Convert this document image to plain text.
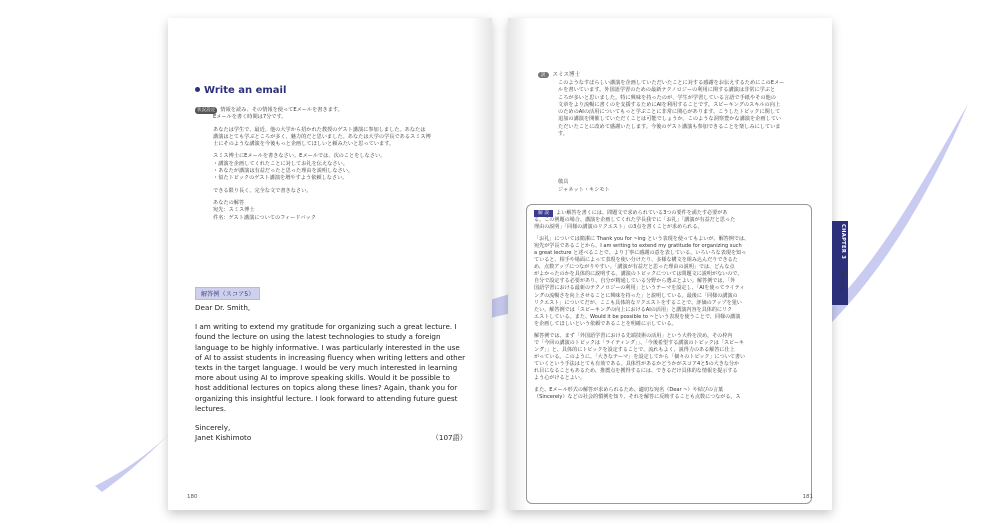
Write an email

状況設定 情報を読み、その情報を使ってEメールを書きます。

Eメールを書く時間は7分です。

あなたは学生で、最近、他の大学から招かれた教授のゲスト講演に参加しました。あなたは

講演はとても学ぶところが多く、魅力的だと思いました。あなたは大学の学長であるスミス博

士にそのような講演を今後もっと企画してほしいと頼みたいと思っています。

スミス博士にEメールを書きなさい。Eメールでは、次のことをしなさい。

・講演を企画してくれたことに対してお礼を伝えなさい。

・あなたが講演は有益だったと思った理由を説明しなさい。

・似たトピックのゲスト講演を増やすよう依頼しなさい。

できる限り長く、完全な文で書きなさい。

あなたの解答

宛先：スミス博士

件名：ゲスト講演についてのフィードバック

解答例（スコア5）

Dear Dr. Smith,

I am writing to extend my gratitude for organizing such a great lecture. I found the lecture on using the latest technologies to study a foreign language to be highly informative. I was particularly interested in the use of AI to assist students in increasing fluency when writing letters and other texts in the target language. I would be very much interested in learning more about using AI to improve speaking skills. Would it be possible to host additional lectures on topics along these lines? Again, thank you for organizing this insightful lecture. I look forward to attending future guest lectures.

Sincerely,

Janet Kishimoto	（107語）
180
訳 スミス博士

このようなすばらしい講演を企画していただいたことに対する感謝をお伝えするためにこのEメー

ルを書いています。外国語学習のための最新テクノロジーの利用に関する講演は非常に学ぶと

ころが多いと思いました。特に興味を持ったのが、学生が学習している言語で手紙やその他の

文章をより流暢に書くのを支援するためにAIを利用することです。スピーキングのスキルの向上

のためのAIの活用についてもっと学ぶことに非常に関心があります。こうしたトピックに関して

追加の講演を開催していただくことは可能でしょうか。このような洞察豊かな講演を企画してい

ただいたことに改めて感謝いたします。今後のゲスト講演も参加できることを楽しみにしていま

す。

敬具

ジャネット・キシモト

解 説 よい解答を書くには、問題文で求められている3つの要件を満たす必要があ

る。この例題の場合、講演を企画してくれた学長我でに「お礼」「講演が有益だと思った

理由の説明」「同様の講演のリクエスト」の3点を書くことが求められる。

「お礼」については簡潔に Thank you for ~ing という表現を使ってもよいが、解答例では、

宛先が学長であることから、I am writing to extend my gratitude for organizing such

a great lecture と述べることで、より丁寧に感謝の意を表している。いろいろな表現を知っ

ていると、相手や場面によって表現を使い分けたり、多様な構文を組み込んだりできるた

め、点数アップにつながりやすい。「講演が有益だと思った理由の説明」では、どんな点

がよかったのかを具体的に説明する。講演のトピックについては問題文に説明がないので、

自分で設定する必要があり、自分が精通している分野から選ぶとよい。解答例では、「外

国語学習における最新のテクノロジーの利用」というテーマを設定し、「AIを使ってライティ

ングの流暢さを向上させることに興味を持った」と説明している。最後に「同様の講演の

リクエスト」についてだが、ここも具体的なリクエストをすることで、評価のアップを狙い

たい。解答例では「スピーキングの向上におけるAIの活用」と講演内容を具体的にリク

エストしている。また、Would it be possible to ~という表現を使うことで、同様の講演

を企画してほしいという依頼であることを明確に示している。

解答例では、まず「外国語学習における先端技術の活用」という大枠を決め、その枠内

で「今回の講演のトピックは「ライティング」」、「今後希望する講演のトピックは「スピーキ

ング」」と、具体的にトピックを設定することで、流れもよく、説得力のある解答に仕上

がっている。このように、「大きなテーマ」を設定してから「個々のトピック」について書い

ていくという手法はとても有効である。具体性があるかどうかがスコア4と5の大きな分か

れ目になることもあるため、推薦点を獲得するには、できるだけ具体的な情報を提示する

よう心がけるとよい。

また、Eメール形式の解答が求められるため、適切な宛名（Dear ~）や結びの言葉

（Sincerely）などの社会的慣例を知り、それを解答に反映することも点数につながる。ス

181
CHAPTER 3
Writing
